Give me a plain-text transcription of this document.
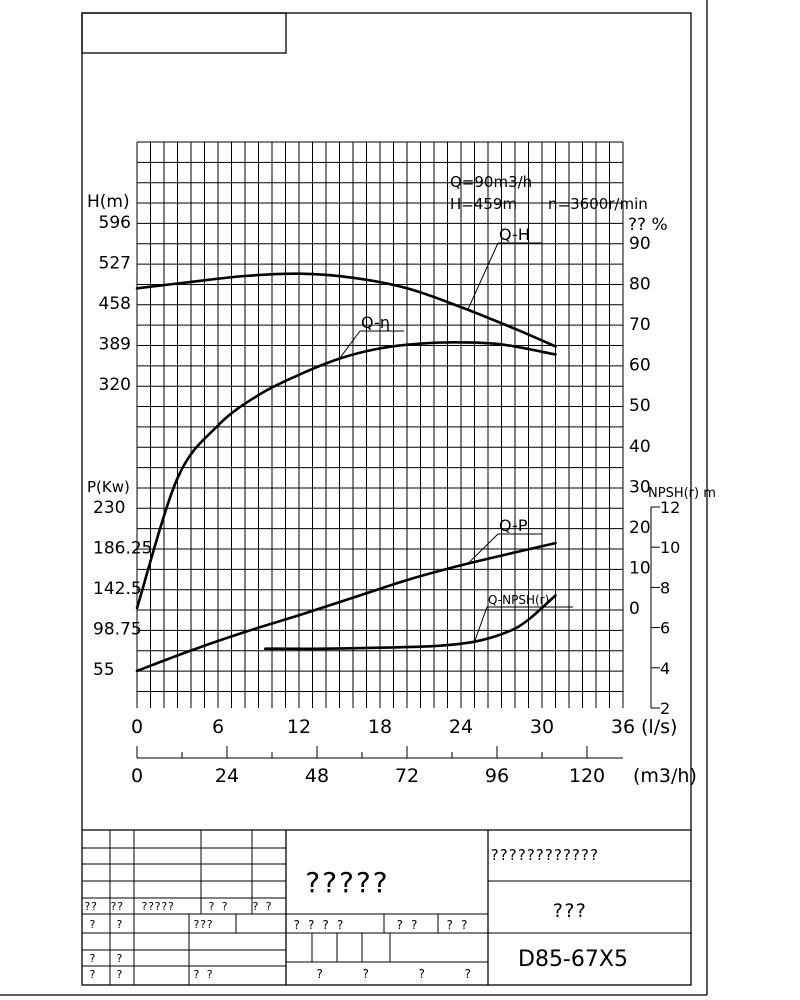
Q=90m3/h
H=459m n=3600r/min
H(m)
P(Kw)
?? %
NPSH(r) m
(l/s)
(m3/h)
596
527
458
389
320
230
186.25
142.5
98.75
55
90
80
70
60
50
40
30
20
10
0
12
10
8
6
4
2
0	6	12	18	24	30	36
0	24	48	72	96	120
Q-H
Q-η
Q-P
Q-NPSH(r)
?? ?? ?????	? ? ? ?
? ?	???
? ?
? ?	? ?
?????
? ? ? ?	? ? ? ?
?	?	?	?
????????????
???
D85-67X5
